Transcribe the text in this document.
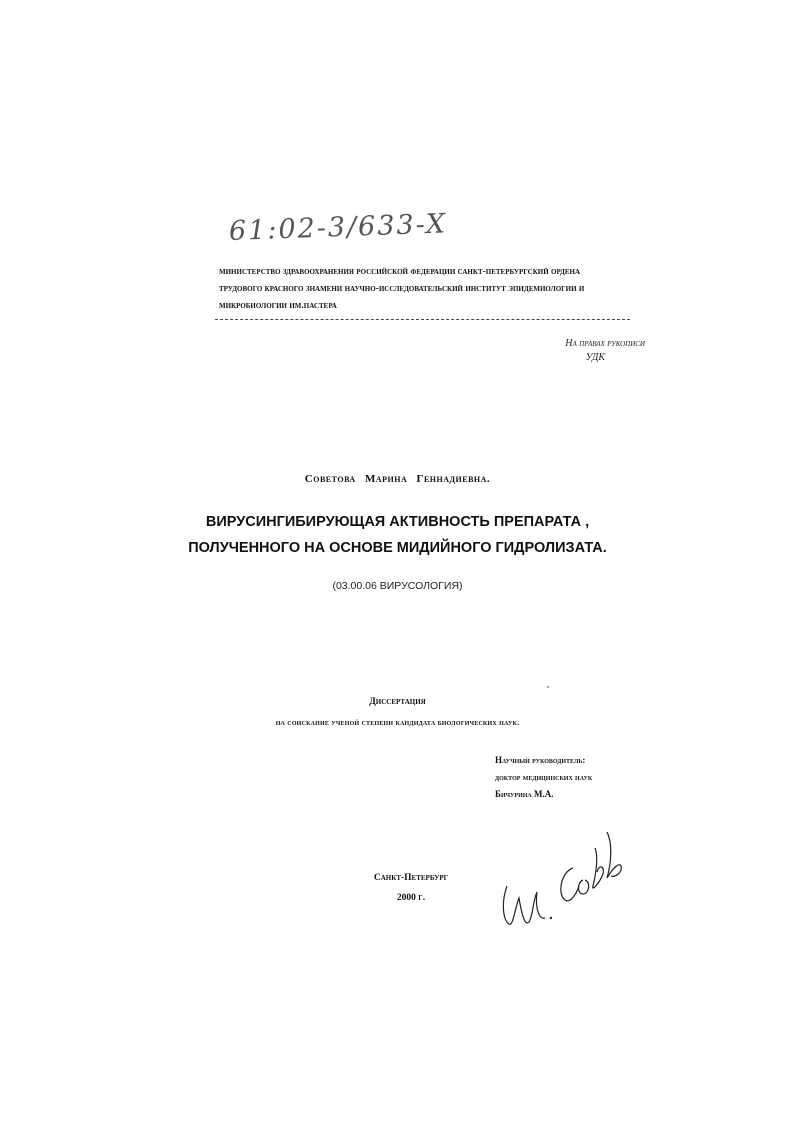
61:02-3/633-X
министерство здравоохранения российской федерации санкт-петербургский ордена
трудового красного знамени научно-исследовательский институт эпидемиологии и
микробиологии им.пастера
На правах рукописи
УДК
Советова Марина Геннадиевна.
ВИРУСИНГИБИРУЮЩАЯ АКТИВНОСТЬ ПРЕПАРАТА ,
ПОЛУЧЕННОГО НА ОСНОВЕ МИДИЙНОГО ГИДРОЛИЗАТА.
(03.00.06 ВИРУСОЛОГИЯ)
Диссертация
на соискание ученой степени кандидата биологических наук.
Научный руководитель:
доктор медицинских наук
Бичурина М.А.
Санкт-Петербург
2000 г.
